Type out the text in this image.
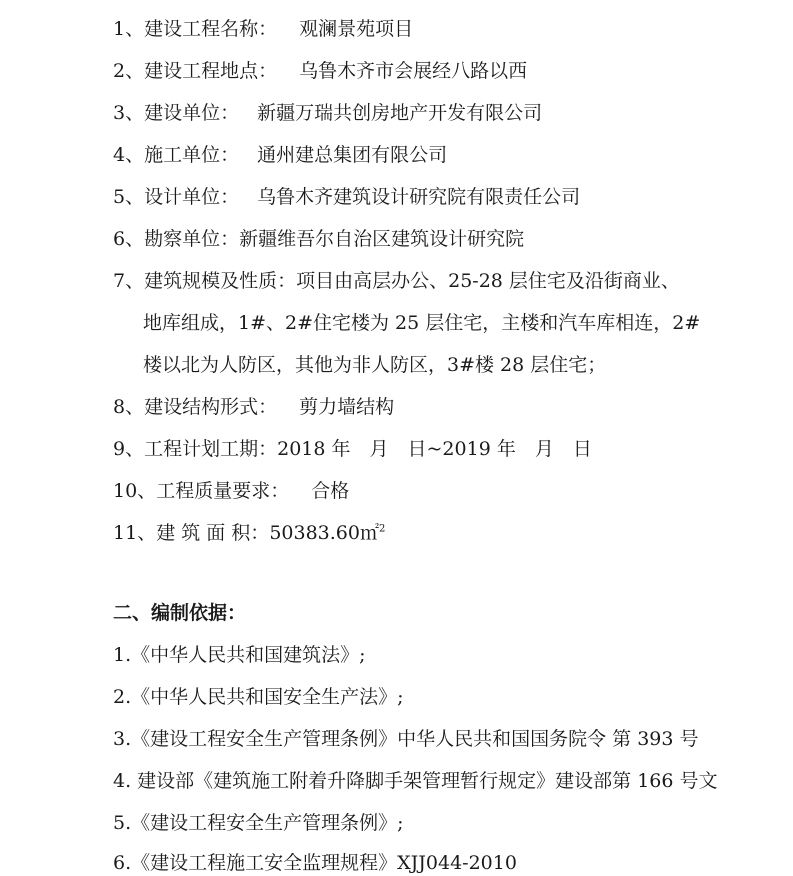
1、建设工程名称： 观澜景苑项目
2、建设工程地点： 乌鲁木齐市会展经八路以西
3、建设单位： 新疆万瑞共创房地产开发有限公司
4、施工单位： 通州建总集团有限公司
5、设计单位： 乌鲁木齐建筑设计研究院有限责任公司
6、勘察单位：新疆维吾尔自治区建筑设计研究院
7、建筑规模及性质：项目由高层办公、25-28 层住宅及沿街商业、
地库组成，1#、2#住宅楼为 25 层住宅，主楼和汽车库相连，2#
楼以北为人防区，其他为非人防区，3#楼 28 层住宅；
8、建设结构形式： 剪力墙结构
9、工程计划工期：2018 年　月　日~2019 年　月　日
10、工程质量要求： 合格
11、建 筑 面 积：50383.60㎡$^2$
二、编制依据：
1.《中华人民共和国建筑法》;
2.《中华人民共和国安全生产法》;
3.《建设工程安全生产管理条例》中华人民共和国国务院令 第 393 号
4. 建设部《建筑施工附着升降脚手架管理暂行规定》建设部第 166 号文
5.《建设工程安全生产管理条例》;
6.《建设工程施工安全监理规程》XJJ044-2010
